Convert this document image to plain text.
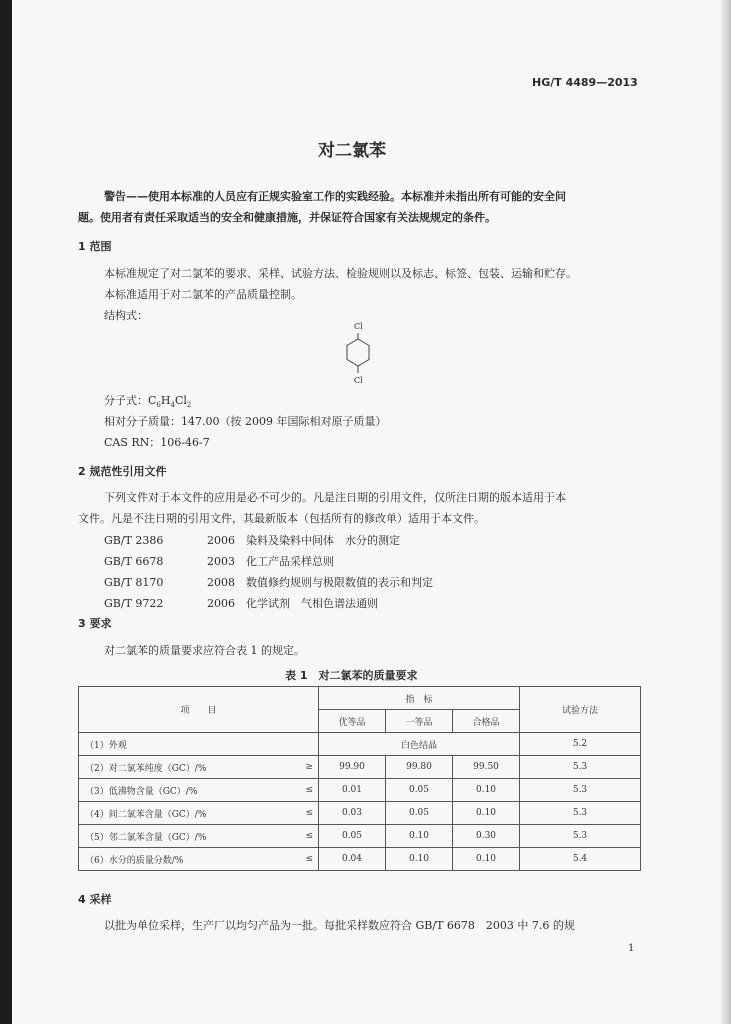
HG/T 4489—2013
对二氯苯
警告——使用本标准的人员应有正规实验室工作的实践经验。本标准并未指出所有可能的安全问
题。使用者有责任采取适当的安全和健康措施，并保证符合国家有关法规规定的条件。
1 范围
本标准规定了对二氯苯的要求、采样、试验方法、检验规则以及标志、标签、包装、运输和贮存。
本标准适用于对二氯苯的产品质量控制。
结构式：
Cl
Cl
分子式：$C_6H_4Cl_2$
相对分子质量：147.00（按 2009 年国际相对原子质量）
CAS RN：106-46-7
2 规范性引用文件
下列文件对于本文件的应用是必不可少的。凡是注日期的引用文件，仅所注日期的版本适用于本
文件。凡是不注日期的引用文件，其最新版本（包括所有的修改单）适用于本文件。
GB/T 2386	2006 染料及染料中间体　水分的测定
GB/T 6678	2003 化工产品采样总则
GB/T 8170	2008 数值修约规则与极限数值的表示和判定
GB/T 9722	2006 化学试剂　气相色谱法通则
3 要求
对二氯苯的质量要求应符合表 1 的规定。
表 1　对二氯苯的质量要求
项　　目	指　标			试验方法
	优等品	一等品	合格品	
（1）外观	白色结晶			5.2
（2）对二氯苯纯度（GC）/% ≥	99.90	99.80	99.50	5.3
（3）低沸物含量（GC）/% ≤	0.01	0.05	0.10	5.3
（4）间二氯苯含量（GC）/% ≤	0.03	0.05	0.10	5.3
（5）邻二氯苯含量（GC）/% ≤	0.05	0.10	0.30	5.3
（6）水分的质量分数/% ≤	0.04	0.10	0.10	5.4
4 采样
以批为单位采样，生产厂以均匀产品为一批。每批采样数应符合 GB/T 6678　2003 中 7.6 的规
1
